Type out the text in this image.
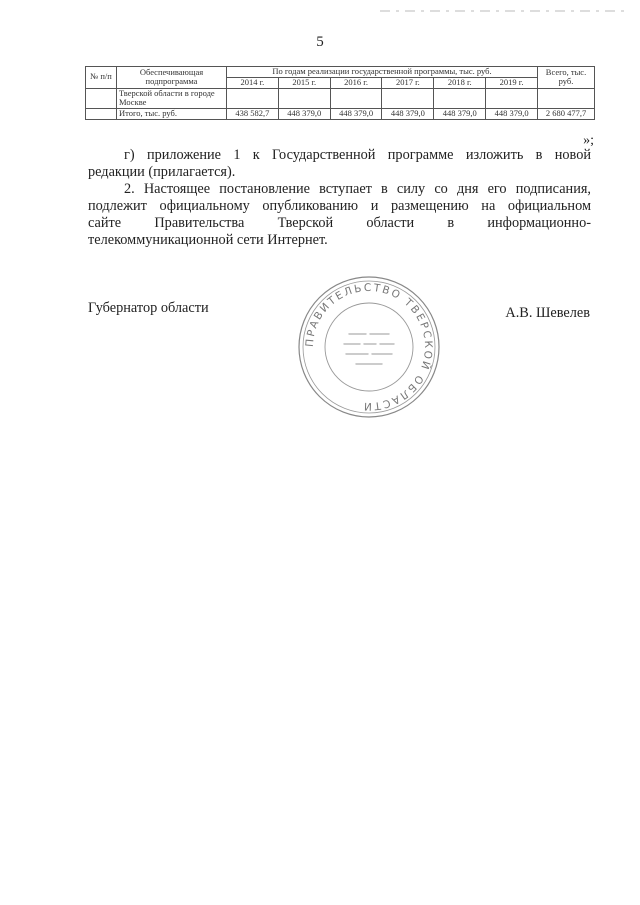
5
№ п/п	Обеспечивающая подпрограмма	По годам реализации государственной программы, тыс. руб.						Всего, тыс. руб.
		2014 г.	2015 г.	2016 г.	2017 г.	2018 г.	2019 г.	
	Тверской области в городе Москве							
	Итого, тыс. руб.	438 582,7	448 379,0	448 379,0	448 379,0	448 379,0	448 379,0	2 680 477,7
»;
г) приложение 1 к Государственной программе изложить в новой
редакции (прилагается).
2. Настоящее постановление вступает в силу со дня его подписания,
подлежит официальному опубликованию и размещению на официальном
сайте Правительства Тверской области в информационно-
телекоммуникационной сети Интернет.
Губернатор области	А.В. Шевелев
ПРАВИТЕЛЬСТВО ТВЕРСКОЙ ОБЛАСТИ
